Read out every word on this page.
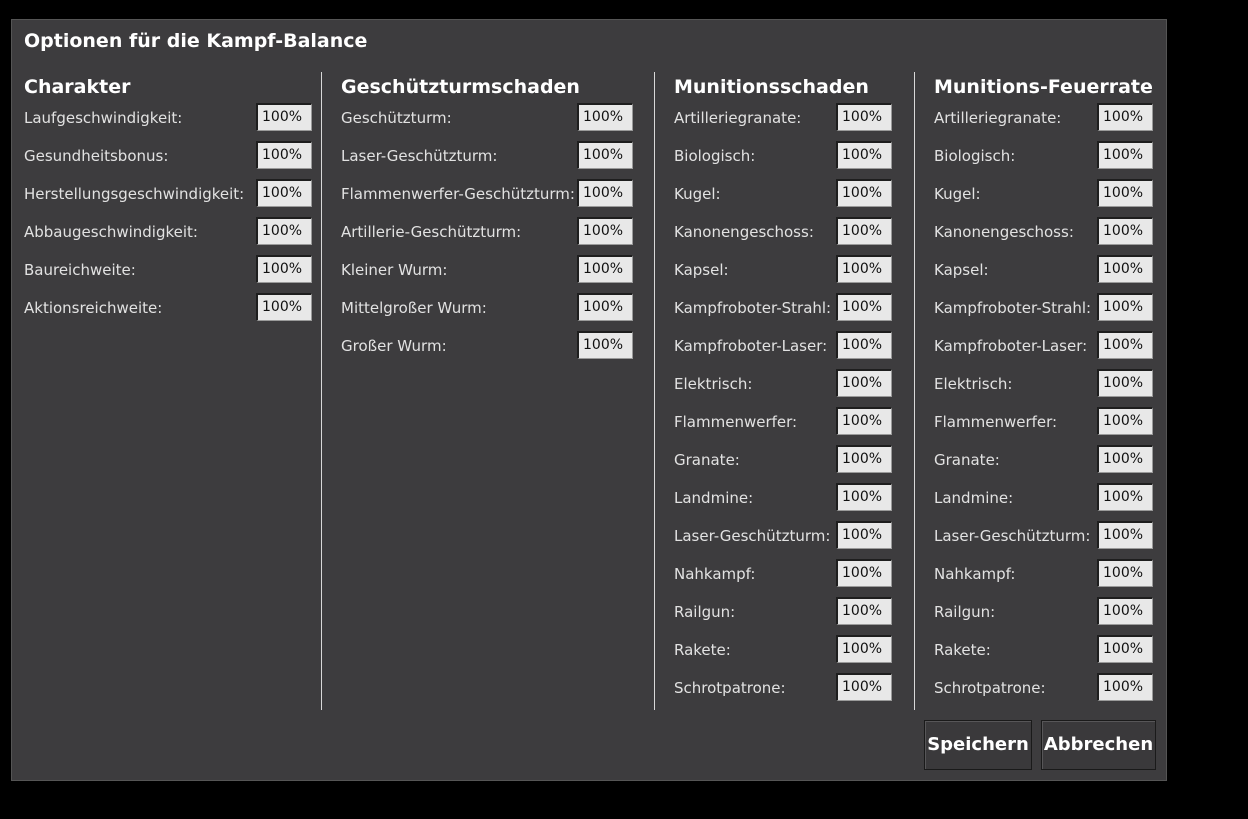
Optionen für die Kampf-Balance
Charakter
Laufgeschwindigkeit:	100%
Gesundheitsbonus:	100%
Herstellungsgeschwindigkeit:	100%
Abbaugeschwindigkeit:	100%
Baureichweite:	100%
Aktionsreichweite:	100%
Geschützturmschaden
Geschützturm:	100%
Laser-Geschützturm:	100%
Flammenwerfer-Geschützturm: 100%
Artillerie-Geschützturm:	100%
Kleiner Wurm:	100%
Mittelgroßer Wurm:	100%
Großer Wurm:	100%
Munitionsschaden
Artilleriegranate:	100%
Biologisch:	100%
Kugel:	100%
Kanonengeschoss:	100%
Kapsel:	100%
Kampfroboter-Strahl: 100%
Kampfroboter-Laser:	100%
Elektrisch:	100%
Flammenwerfer:	100%
Granate:	100%
Landmine:	100%
Laser-Geschützturm: 100%
Nahkampf:	100%
Railgun:	100%
Rakete:	100%
Schrotpatrone:	100%
Munitions-Feuerrate
Artilleriegranate:	100%
Biologisch:	100%
Kugel:	100%
Kanonengeschoss:	100%
Kapsel:	100%
Kampfroboter-Strahl: 100%
Kampfroboter-Laser:	100%
Elektrisch:	100%
Flammenwerfer:	100%
Granate:	100%
Landmine:	100%
Laser-Geschützturm: 100%
Nahkampf:	100%
Railgun:	100%
Rakete:	100%
Schrotpatrone:	100%
Speichern Abbrechen
